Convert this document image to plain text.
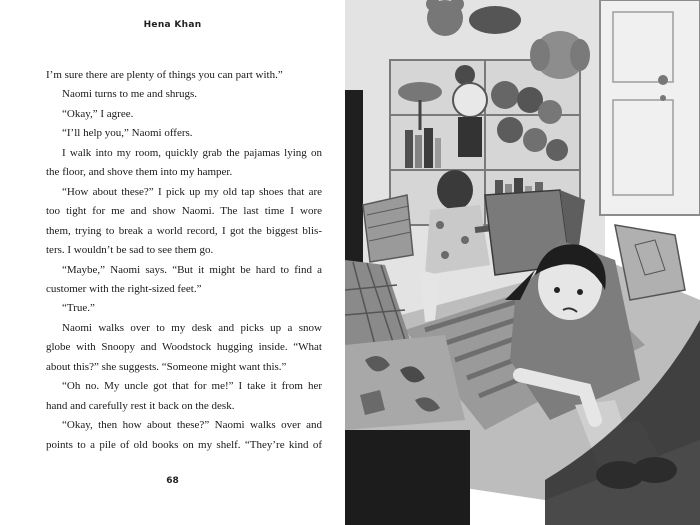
Hena Khan
I’m sure there are plenty of things you can part with.”
Naomi turns to me and shrugs.
“Okay,” I agree.
“I’ll help you,” Naomi offers.
I walk into my room, quickly grab the pajamas lying on
the floor, and shove them into my hamper.
“How about these?” I pick up my old tap shoes that are
too tight for me and show Naomi. The last time I wore
them, trying to break a world record, I got the biggest blis-
ters. I wouldn’t be sad to see them go.
“Maybe,” Naomi says. “But it might be hard to find a
customer with the right-sized feet.”
“True.”
Naomi walks over to my desk and picks up a snow
globe with Snoopy and Woodstock hugging inside. “What
about this?” she suggests. “Someone might want this.”
“Oh no. My uncle got that for me!” I take it from her
hand and carefully rest it back on the desk.
“Okay, then how about these?” Naomi walks over and
points to a pile of old books on my shelf. “They’re kind of
68
